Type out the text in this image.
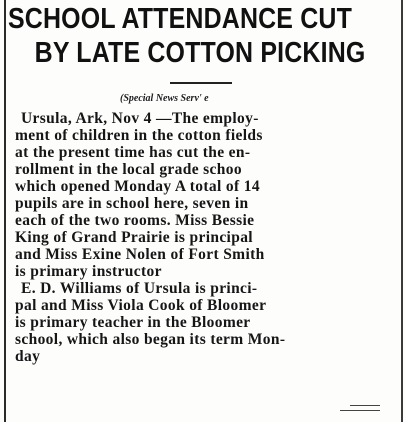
SCHOOL ATTENDANCE CUT
BY LATE COTTON PICKING

(Special News Serv' e

Ursula, Ark, Nov 4 —The employ-
ment of children in the cotton fields
at the present time has cut the en-
rollment in the local grade schoo
which opened Monday A total of 14
pupils are in school here, seven in
each of the two rooms. Miss Bessie
King of Grand Prairie is principal
and Miss Exine Nolen of Fort Smith
is primary instructor
E. D. Williams of Ursula is princi-
pal and Miss Viola Cook of Bloomer
is primary teacher in the Bloomer
school, which also began its term Mon-
day
